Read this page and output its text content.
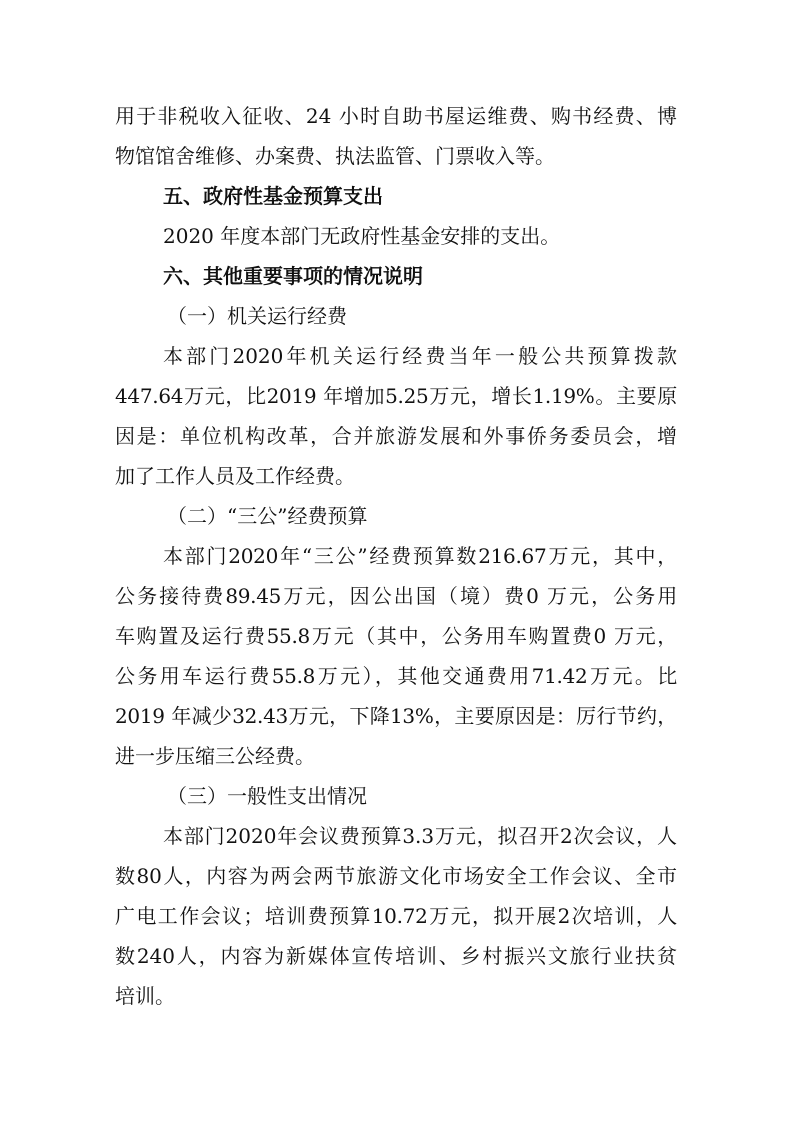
用于非税收入征收、24 小时自助书屋运维费、购书经费、博
物馆馆舍维修、办案费、执法监管、门票收入等。
五、政府性基金预算支出
2020 年度本部门无政府性基金安排的支出。
六、其他重要事项的情况说明
（一）机关运行经费
本部门2020年机关运行经费当年一般公共预算拨款
447.64万元，比2019 年增加5.25万元，增长1.19%。主要原
因是：单位机构改革，合并旅游发展和外事侨务委员会，增
加了工作人员及工作经费。
（二）“三公”经费预算
本部门2020年“三公”经费预算数216.67万元，其中，
公务接待费89.45万元，因公出国（境）费0 万元，公务用
车购置及运行费55.8万元（其中，公务用车购置费0 万元，
公务用车运行费55.8万元），其他交通费用71.42万元。比
2019 年减少32.43万元，下降13%，主要原因是：厉行节约，
进一步压缩三公经费。
（三）一般性支出情况
本部门2020年会议费预算3.3万元，拟召开2次会议，人
数80人，内容为两会两节旅游文化市场安全工作会议、全市
广电工作会议；培训费预算10.72万元，拟开展2次培训，人
数240人，内容为新媒体宣传培训、乡村振兴文旅行业扶贫
培训。
